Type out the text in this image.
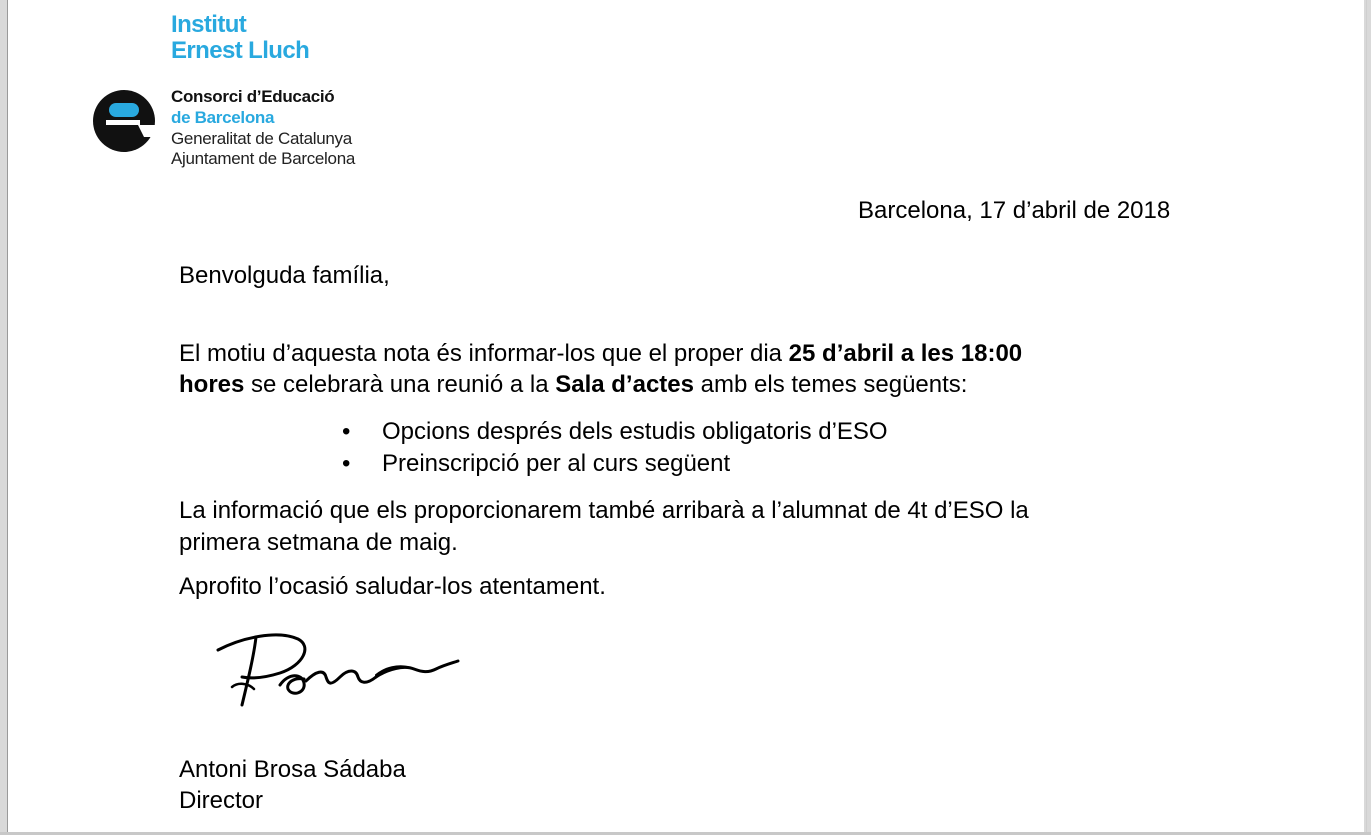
Institut
Ernest Lluch
Consorci d’Educació
de Barcelona
Generalitat de Catalunya
Ajuntament de Barcelona
Barcelona, 17 d’abril de 2018
Benvolguda família,
El motiu d’aquesta nota és informar-los que el proper dia 25 d’abril a les 18:00
hores se celebrarà una reunió a la Sala d’actes amb els temes següents:
• Opcions després dels estudis obligatoris d’ESO
• Preinscripció per al curs següent
La informació que els proporcionarem també arribarà a l’alumnat de 4t d’ESO la
primera setmana de maig.
Aprofito l’ocasió saludar-los atentament.
Antoni Brosa Sádaba
Director
